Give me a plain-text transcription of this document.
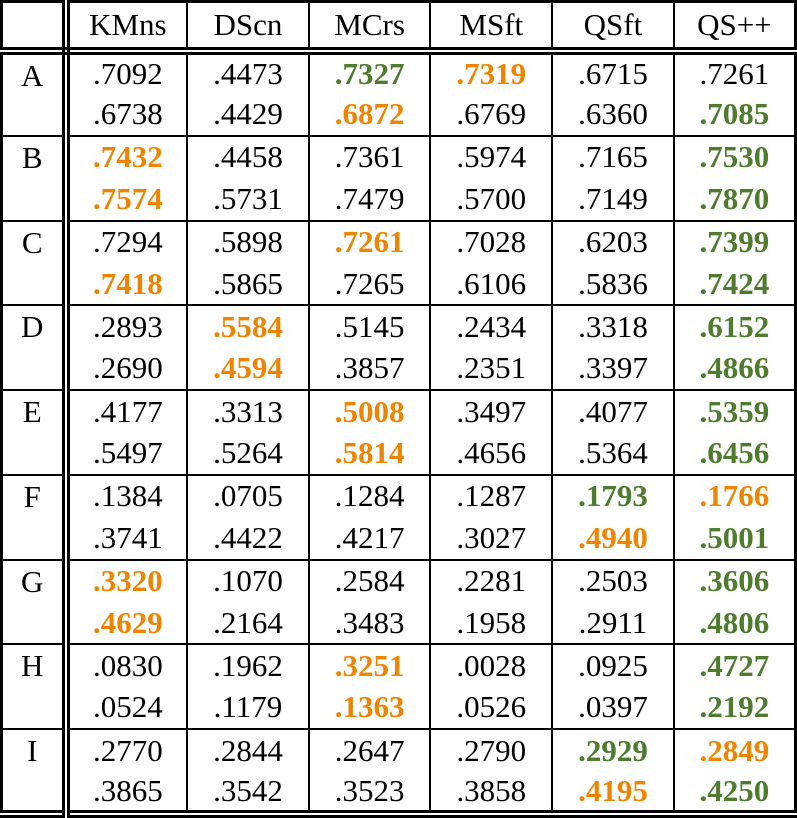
	KMns	DScn	MCrs	MSft	QSft	QS++
A	.7092	.4473	.7327	.7319	.6715	.7261
	.6738	.4429	.6872	.6769	.6360	.7085
B	.7432	.4458	.7361	.5974	.7165	.7530
	.7574	.5731	.7479	.5700	.7149	.7870
C	.7294	.5898	.7261	.7028	.6203	.7399
	.7418	.5865	.7265	.6106	.5836	.7424
D	.2893	.5584	.5145	.2434	.3318	.6152
	.2690	.4594	.3857	.2351	.3397	.4866
E	.4177	.3313	.5008	.3497	.4077	.5359
	.5497	.5264	.5814	.4656	.5364	.6456
F	.1384	.0705	.1284	.1287	.1793	.1766
	.3741	.4422	.4217	.3027	.4940	.5001
G	.3320	.1070	.2584	.2281	.2503	.3606
	.4629	.2164	.3483	.1958	.2911	.4806
H	.0830	.1962	.3251	.0028	.0925	.4727
	.0524	.1179	.1363	.0526	.0397	.2192
I	.2770	.2844	.2647	.2790	.2929	.2849
	.3865	.3542	.3523	.3858	.4195	.4250
